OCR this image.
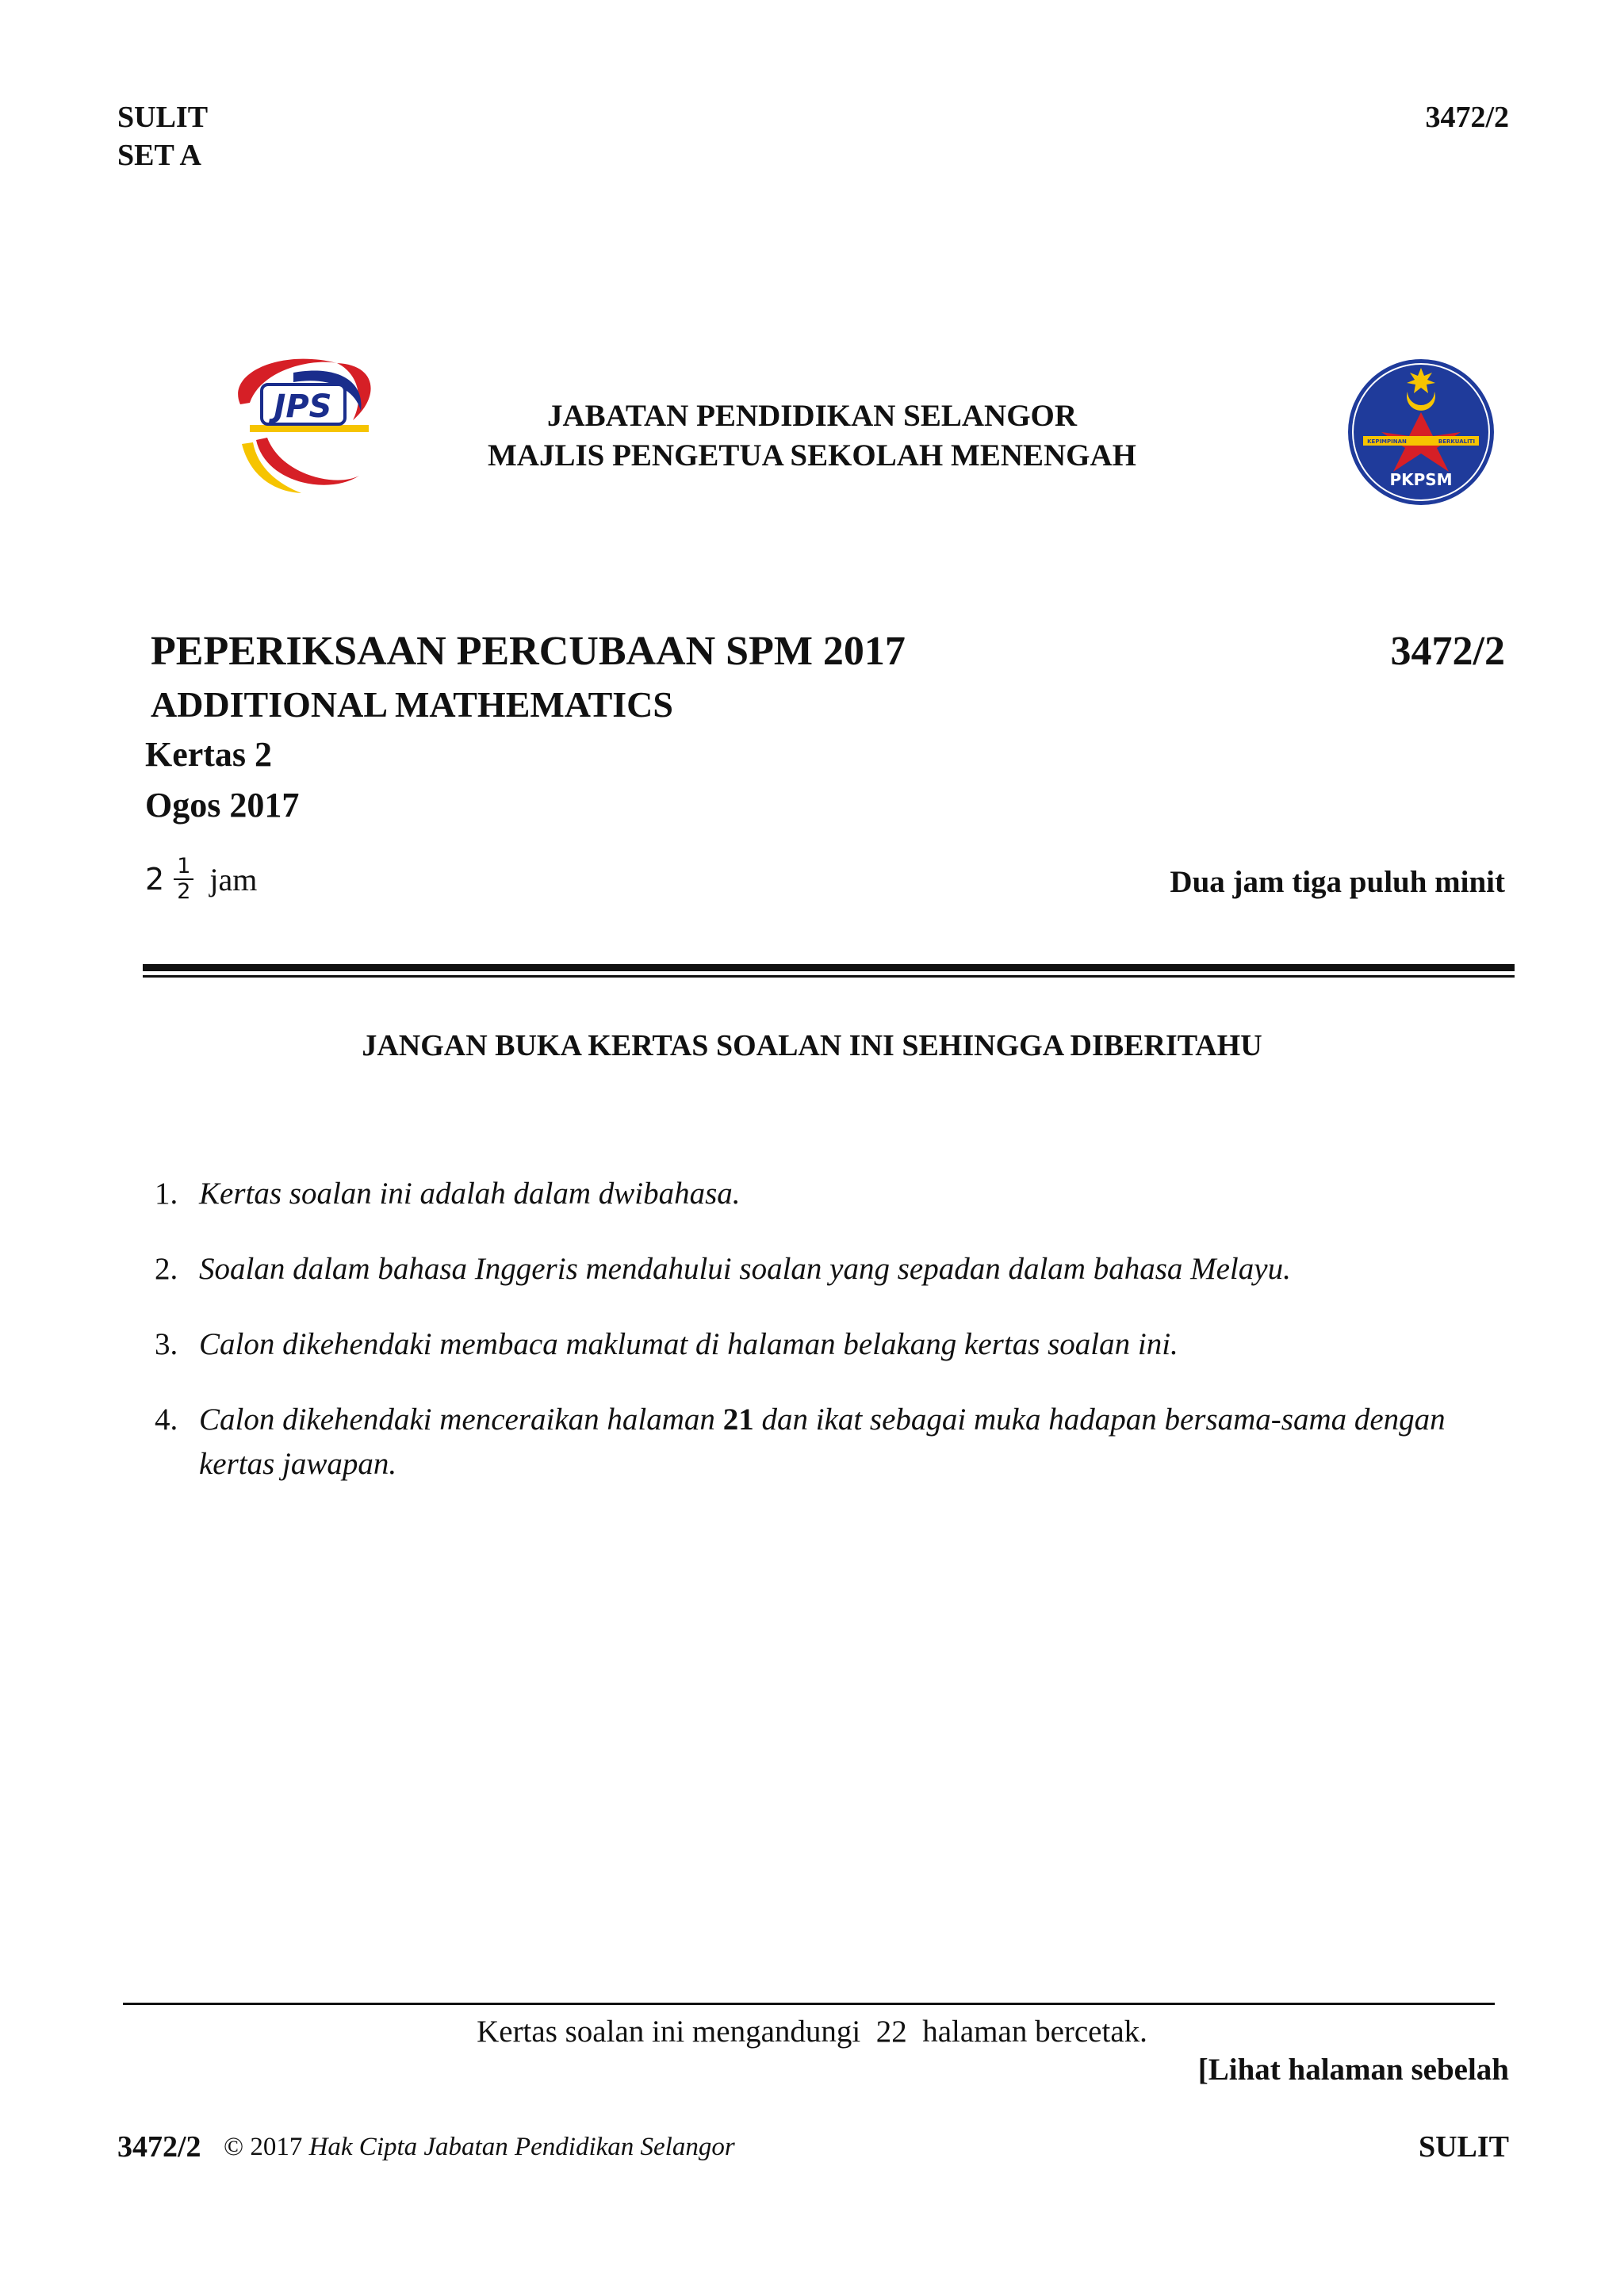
SULIT
SET A
3472/2
JPS
KEPIMPINAN	BERKUALITI
PKPSM
JABATAN PENDIDIKAN SELANGOR
MAJLIS PENGETUA SEKOLAH MENENGAH
PEPERIKSAAN PERCUBAAN SPM 2017	3472/2
ADDITIONAL MATHEMATICS
Kertas 2
Ogos 2017
$2 \frac{1}{2}$ jam	Dua jam tiga puluh minit
JANGAN BUKA KERTAS SOALAN INI SEHINGGA DIBERITAHU
1. Kertas soalan ini adalah dalam dwibahasa.
2. Soalan dalam bahasa Inggeris mendahului soalan yang sepadan dalam bahasa Melayu.
3. Calon dikehendaki membaca maklumat di halaman belakang kertas soalan ini.
4. Calon dikehendaki menceraikan halaman 21 dan ikat sebagai muka hadapan bersama-sama dengan kertas jawapan.
Kertas soalan ini mengandungi  22  halaman bercetak.
[Lihat halaman sebelah
3472/2 © 2017 Hak Cipta Jabatan Pendidikan Selangor	SULIT
